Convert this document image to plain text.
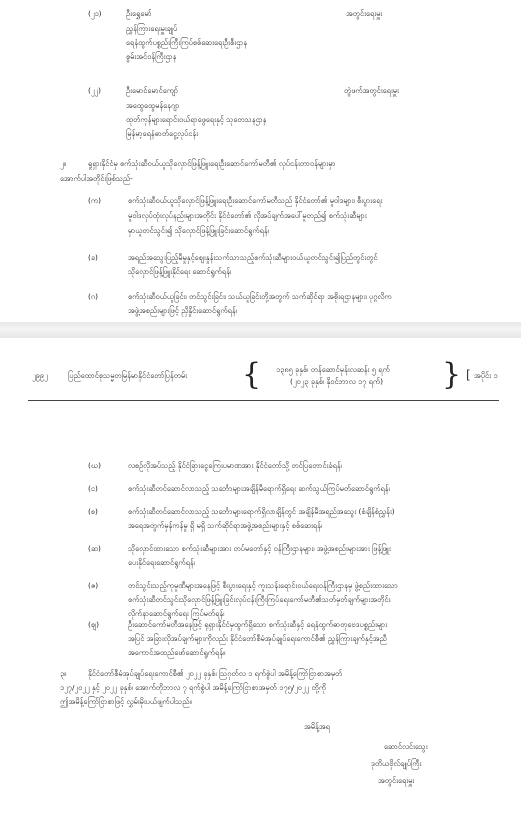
(၂၁)	ဦးရွှေမော်	အတွင်းရေးမှူး
ညွှန်ကြားရေးမှူးချုပ်
ရေနံထွက်ပစ္စည်းကြီးကြပ်စစ်ဆေးရေးဦးစီးဌာန
စွမ်းအင်ဝန်ကြီးဌာန
(၂၂)	ဦးမောင်မောင်ကျော်	တွဲဖက်အတွင်းရေးမှူး
အထွေထွေမန်နေဂျာ
ထုတ်ကုန်များရောင်းဝယ်ရာဖွေရေးနှင့် သုတေသနဌာန
မြန်မာ့ရေနံဓာတ်ငွေ့လုပ်ငန်း
၂။	ရှုရှားနိုင်ငံမှ စက်သုံးဆီဝယ်ယူသိုလှောင်ဖြန့်ဖြူးရေးဦးဆောင်ကော်မတီ၏ လုပ်ငန်းတာဝန်များမှာ
အောက်ပါအတိုင်းဖြစ်သည်-
(က)	စက်သုံးဆီဝယ်ယူသိုလှောင်ဖြန့်ဖြူးရေးဦးဆောင်ကော်မတီသည် နိုင်ငံတော်၏ မူဝါဒများ၊ စီးပွားရေး
မူဝါဒလုပ်ထုံးလုပ်နည်းများအတိုင်း နိုင်ငံတော်၏ လိုအပ်ချက်အပေါ်မူတည်၍ စက်သုံးဆီများ
မှာယူတင်သွင်း၍ သိုလှောင်ဖြန့်ဖြူးခြင်းဆောင်ရွက်ရန်၊
(ခ)	အရည်အသွေးပြည့်မီမှုနှင့်ဈေးနှုန်းသက်သာသည့်စက်သုံးဆီများဝယ်ယူတင်သွင်း၍ပြည်တွင်းတွင်
သိုလှောင်ဖြန့်ဖြူးနိုင်ရေး ဆောင်ရွက်ရန်၊
(ဂ)	စက်သုံးဆီဝယ်ယူခြင်း၊ တင်သွင်းခြင်း၊ သယ်ယူခြင်းတို့အတွက် သက်ဆိုင်ရာ အစိုးရဌာနများ၊ ပုဂ္ဂလိက
အဖွဲ့အစည်းများဖြင့် ညှိနှိုင်းဆောင်ရွက်ရန်၊
၂၉၉၂	ပြည်ထောင်စုသမ္မတမြန်မာနိုင်ငံတော်ပြန်တမ်း { ၁၃၈၅ ခုနှစ်၊ တန်ဆောင်မုန်းလဆန်း ၅ ရက်
(၂၀၂၃ ခုနှစ်၊ နိုဝင်ဘာလ ၁၇ ရက်) } [ အပိုင်း ၁
(ဃ)	လစဉ်လိုအပ်သည့် နိုင်ငံခြားငွေကြေးပမာဏအား နိုင်ငံတော်သို့ တင်ပြတောင်းခံရန်၊
(င)	စက်သုံးဆီတင်ဆောင်လာသည့် သင်္ဘောများအချိန်မီရောက်ရှိရေး ဆက်သွယ်ကြပ်မတ်ဆောင်ရွက်ရန်၊
(စ)	စက်သုံးဆီတင်ဆောင်လာသည့် သင်္ဘောများရောက်ရှိလာချိန်တွင် အချိန်မီအရည်အသွေး (စံချိန်စံညွှန်း)
အရေအတွက်မှန်ကန်မှု ရှိ မရှိ သက်ဆိုင်ရာအဖွဲ့အစည်းများနှင့် စစ်ဆေးရန်၊
(ဆ)	သိုလှောင်ထားသော စက်သုံးဆီများအား တပ်မတော်နှင့် ဝန်ကြီးဌာနများ၊ အဖွဲ့အစည်းများအား ဖြန့်ဖြူး
ပေးနိုင်ရေးဆောင်ရွက်ရန်၊
(ဇ)	တင်သွင်းသည့်ကုမ္ပဏီများအနေဖြင့် စီးပွားရေးနှင့် ကူးသန်းရောင်းဝယ်ရေးဝန်ကြီးဌာနမှ ဖွဲ့စည်းထားသော
စက်သုံးဆီတင်သွင်းသိုလှောင်ဖြန့်ဖြူးခြင်းလုပ်ငန်းကြီးကြပ်ရေးကော်မတီ၏သတ်မှတ်ချက်များအတိုင်း
လိုက်နာဆောင်ရွက်ရေး ကြပ်မတ်ရန်၊
(ဈ)	ဦးဆောင်ကော်မတီအနေဖြင့် ရုရှားနိုင်ငံမှထွက်ရှိသော စက်သုံးဆီနှင့် ရေနံထွက်ဓာတုဗေဒပစ္စည်းများ
အပြင် အခြားလိုအပ်ချက်များကိုလည်း နိုင်ငံတော်စီမံအုပ်ချုပ်ရေးကောင်စီ၏ ညွှန်ကြားချက်နှင့်အညီ
အကောင်အထည်ဖော်ဆောင်ရွက်ရန်။
၃။	နိုင်ငံတော်စီမံအုပ်ချုပ်ရေးကောင်စီ၏ ၂၀၂၂ ခုနှစ်၊ ဩဂုတ်လ ၁ ရက်စွဲပါ အမိန့်ကြော်ငြာစာအမှတ်
၁၂၇/၂၀၂၂ နှင့် ၂၀၂၂ ခုနှစ်၊ အောက်တိုဘာလ ၇ ရက်စွဲပါ အမိန့်ကြော်ငြာစာအမှတ် ၁၇၅/၂၀၂၂ တို့ကို
ဤအမိန့်ကြော်ငြာစာဖြင့် လွှမ်းမိုးပယ်ဖျက်ပါသည်။
အမိန့်အရ
ဆောင်လင်းသွေး
ဒုတိယဗိုလ်ချုပ်ကြီး
အတွင်းရေးမှူး
